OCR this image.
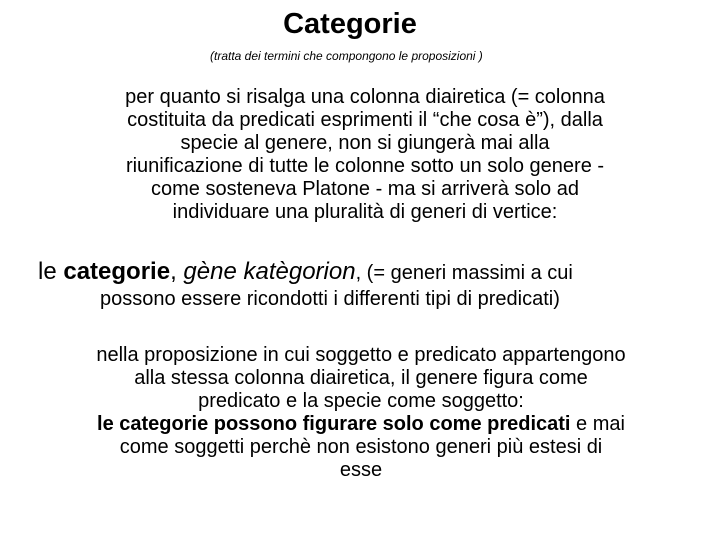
Categorie
(tratta dei termini che compongono le proposizioni )
per quanto si risalga una colonna diairetica (= colonna
costituita da predicati esprimenti il “che cosa è”), dalla
specie al genere, non si giungerà mai alla
riunificazione di tutte le colonne sotto un solo genere -
come sosteneva Platone - ma si arriverà solo ad
individuare una pluralità di generi di vertice:
le categorie, gène katègorion, (= generi massimi a cui
possono essere ricondotti i differenti tipi di predicati)
nella proposizione in cui soggetto e predicato appartengono
alla stessa colonna diairetica, il genere figura come
predicato e la specie come soggetto:
le categorie possono figurare solo come predicati e mai
come soggetti perchè non esistono generi più estesi di
esse
